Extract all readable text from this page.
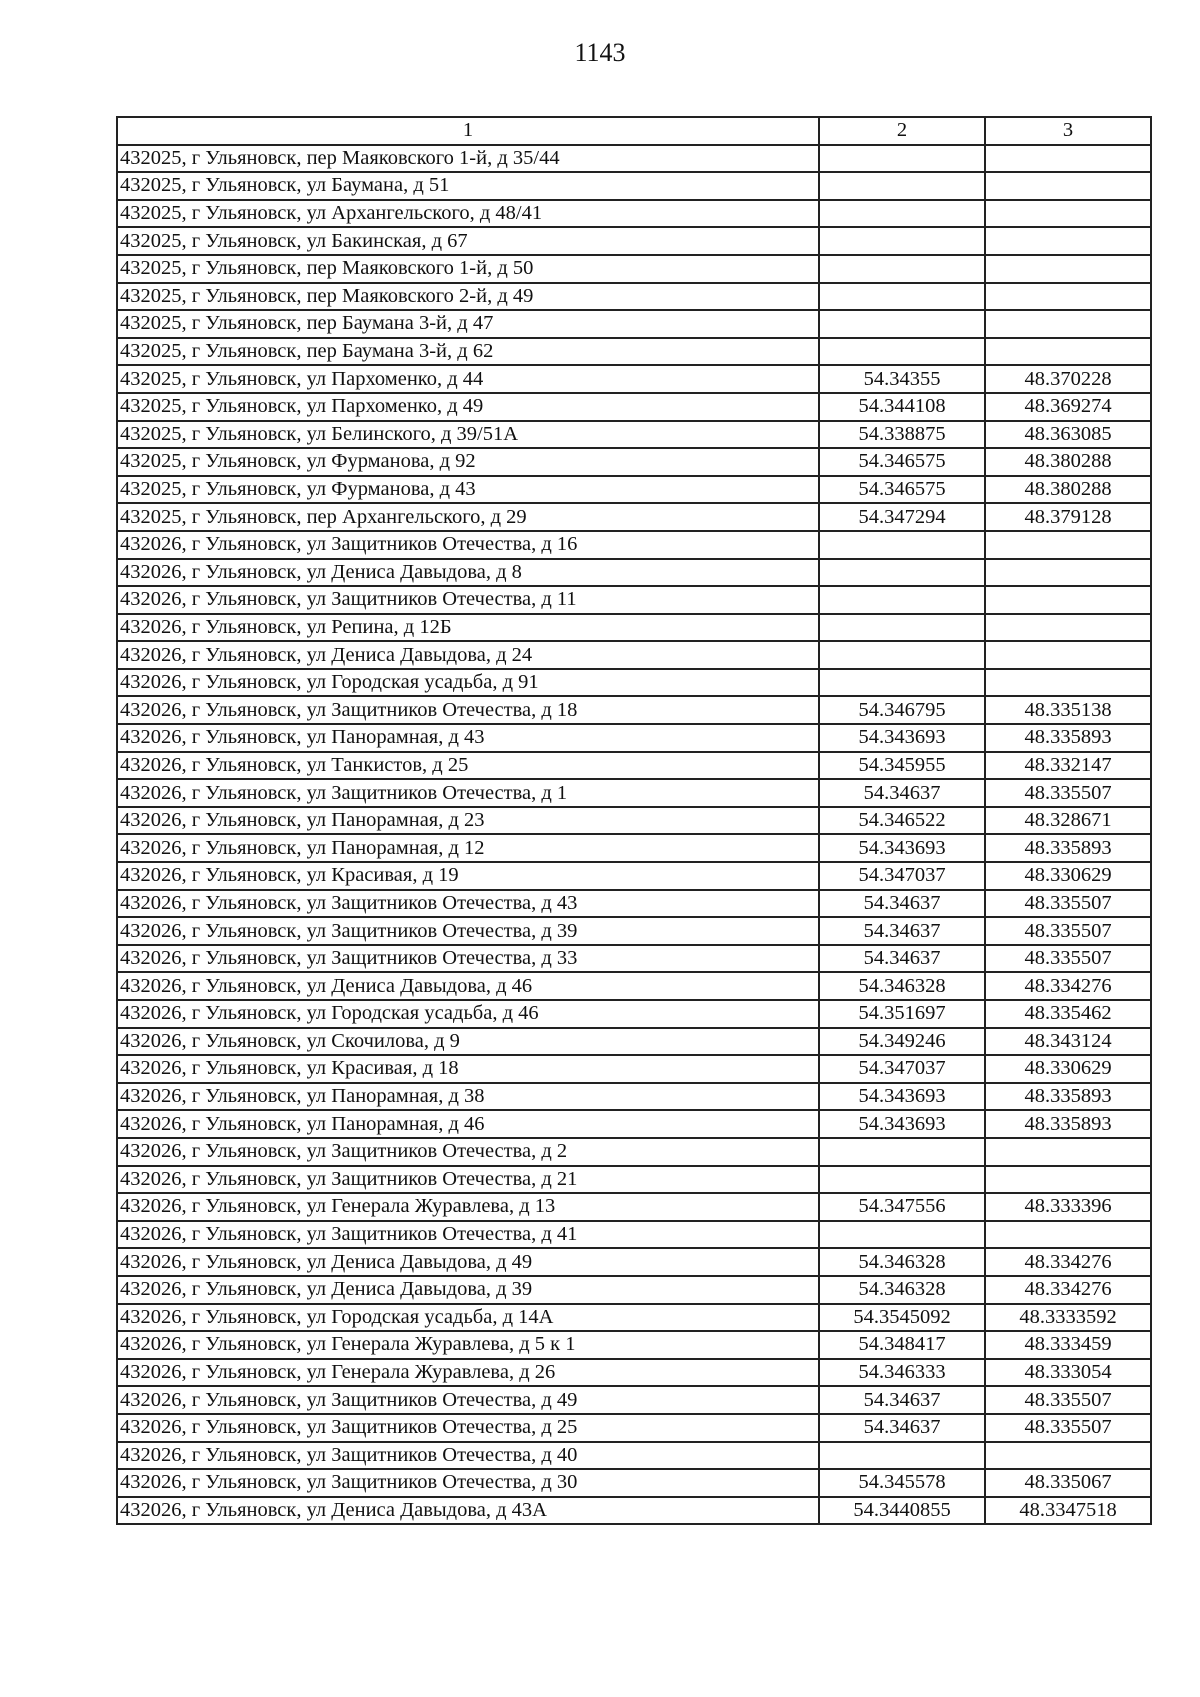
1143
1	2	3
432025, г Ульяновск, пер Маяковского 1-й, д 35/44		
432025, г Ульяновск, ул Баумана, д 51		
432025, г Ульяновск, ул Архангельского, д 48/41		
432025, г Ульяновск, ул Бакинская, д 67		
432025, г Ульяновск, пер Маяковского 1-й, д 50		
432025, г Ульяновск, пер Маяковского 2-й, д 49		
432025, г Ульяновск, пер Баумана 3-й, д 47		
432025, г Ульяновск, пер Баумана 3-й, д 62		
432025, г Ульяновск, ул Пархоменко, д 44	54.34355	48.370228
432025, г Ульяновск, ул Пархоменко, д 49	54.344108	48.369274
432025, г Ульяновск, ул Белинского, д 39/51А	54.338875	48.363085
432025, г Ульяновск, ул Фурманова, д 92	54.346575	48.380288
432025, г Ульяновск, ул Фурманова, д 43	54.346575	48.380288
432025, г Ульяновск, пер Архангельского, д 29	54.347294	48.379128
432026, г Ульяновск, ул Защитников Отечества, д 16		
432026, г Ульяновск, ул Дениса Давыдова, д 8		
432026, г Ульяновск, ул Защитников Отечества, д 11		
432026, г Ульяновск, ул Репина, д 12Б		
432026, г Ульяновск, ул Дениса Давыдова, д 24		
432026, г Ульяновск, ул Городская усадьба, д 91		
432026, г Ульяновск, ул Защитников Отечества, д 18	54.346795	48.335138
432026, г Ульяновск, ул Панорамная, д 43	54.343693	48.335893
432026, г Ульяновск, ул Танкистов, д 25	54.345955	48.332147
432026, г Ульяновск, ул Защитников Отечества, д 1	54.34637	48.335507
432026, г Ульяновск, ул Панорамная, д 23	54.346522	48.328671
432026, г Ульяновск, ул Панорамная, д 12	54.343693	48.335893
432026, г Ульяновск, ул Красивая, д 19	54.347037	48.330629
432026, г Ульяновск, ул Защитников Отечества, д 43	54.34637	48.335507
432026, г Ульяновск, ул Защитников Отечества, д 39	54.34637	48.335507
432026, г Ульяновск, ул Защитников Отечества, д 33	54.34637	48.335507
432026, г Ульяновск, ул Дениса Давыдова, д 46	54.346328	48.334276
432026, г Ульяновск, ул Городская усадьба, д 46	54.351697	48.335462
432026, г Ульяновск, ул Скочилова, д 9	54.349246	48.343124
432026, г Ульяновск, ул Красивая, д 18	54.347037	48.330629
432026, г Ульяновск, ул Панорамная, д 38	54.343693	48.335893
432026, г Ульяновск, ул Панорамная, д 46	54.343693	48.335893
432026, г Ульяновск, ул Защитников Отечества, д 2		
432026, г Ульяновск, ул Защитников Отечества, д 21		
432026, г Ульяновск, ул Генерала Журавлева, д 13	54.347556	48.333396
432026, г Ульяновск, ул Защитников Отечества, д 41		
432026, г Ульяновск, ул Дениса Давыдова, д 49	54.346328	48.334276
432026, г Ульяновск, ул Дениса Давыдова, д 39	54.346328	48.334276
432026, г Ульяновск, ул Городская усадьба, д 14А	54.3545092	48.3333592
432026, г Ульяновск, ул Генерала Журавлева, д 5 к 1	54.348417	48.333459
432026, г Ульяновск, ул Генерала Журавлева, д 26	54.346333	48.333054
432026, г Ульяновск, ул Защитников Отечества, д 49	54.34637	48.335507
432026, г Ульяновск, ул Защитников Отечества, д 25	54.34637	48.335507
432026, г Ульяновск, ул Защитников Отечества, д 40		
432026, г Ульяновск, ул Защитников Отечества, д 30	54.345578	48.335067
432026, г Ульяновск, ул Дениса Давыдова, д 43А	54.3440855	48.3347518
